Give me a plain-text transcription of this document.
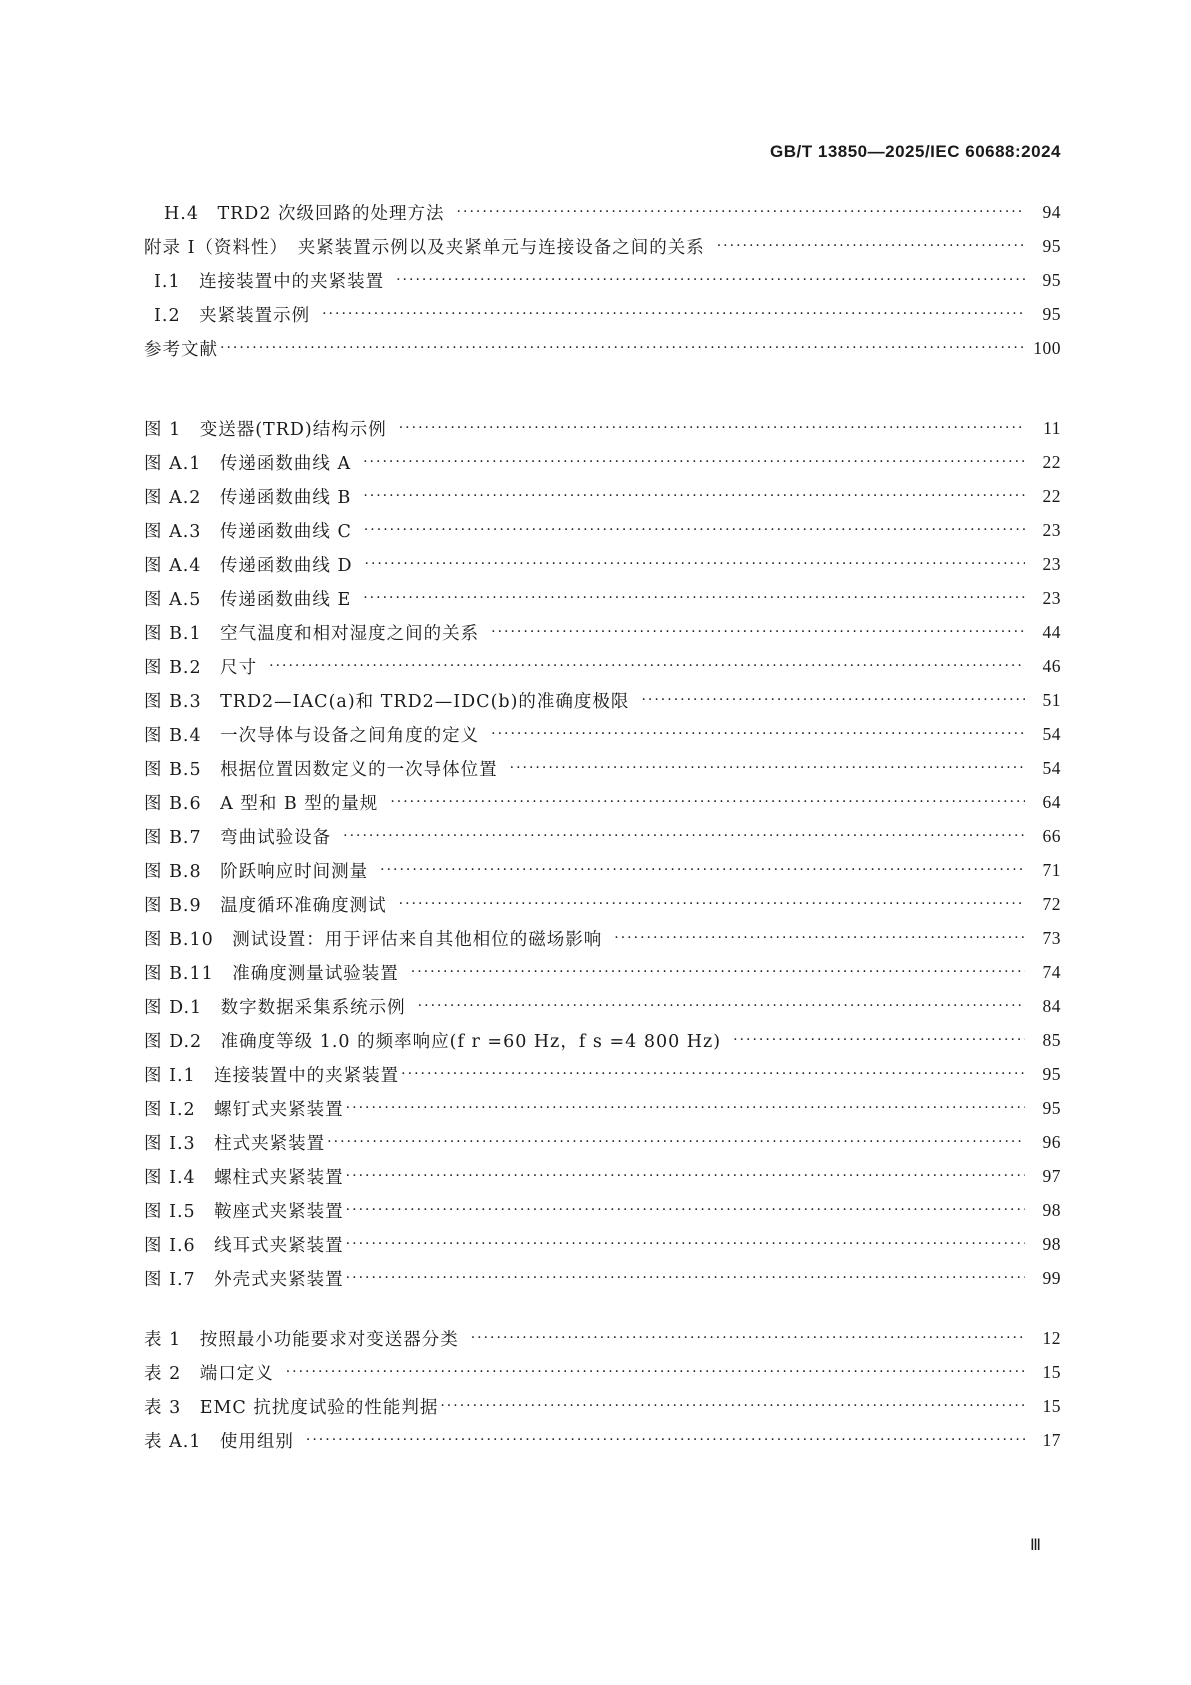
GB/T 13850—2025/IEC 60688:2024
H.4　TRD2 次级回路的处理方法 ·····	94
附录 I（资料性）　夹紧装置示例以及夹紧单元与连接设备之间的关系 ·····	95
I.1　连接装置中的夹紧装置 ·····	95
I.2　夹紧装置示例 ·····	95
参考文献 ·····	100
图 1　变送器(TRD)结构示例 ·····	11
图 A.1　传递函数曲线 A ·····	22
图 A.2　传递函数曲线 B ·····	22
图 A.3　传递函数曲线 C ·····	23
图 A.4　传递函数曲线 D ·····	23
图 A.5　传递函数曲线 E ·····	23
图 B.1　空气温度和相对湿度之间的关系 ·····	44
图 B.2　尺寸 ·····	46
图 B.3　TRD2—IAC(a)和 TRD2—IDC(b)的准确度极限 ·····	51
图 B.4　一次导体与设备之间角度的定义 ·····	54
图 B.5　根据位置因数定义的一次导体位置 ·····	54
图 B.6　A 型和 B 型的量规 ·····	64
图 B.7　弯曲试验设备 ·····	66
图 B.8　阶跃响应时间测量 ·····	71
图 B.9　温度循环准确度测试 ·····	72
图 B.10　测试设置：用于评估来自其他相位的磁场影响 ·····	73
图 B.11　准确度测量试验装置 ·····	74
图 D.1　数字数据采集系统示例 ·····	84
图 D.2　准确度等级 1.0 的频率响应(f r =60 Hz，f s =4 800 Hz) ·····	85
图 I.1　连接装置中的夹紧装置 ·····	95
图 I.2　螺钉式夹紧装置 ·····	95
图 I.3　柱式夹紧装置 ·····	96
图 I.4　螺柱式夹紧装置 ·····	97
图 I.5　鞍座式夹紧装置 ·····	98
图 I.6　线耳式夹紧装置 ·····	98
图 I.7　外壳式夹紧装置 ·····	99
表 1　按照最小功能要求对变送器分类 ·····	12
表 2　端口定义 ·····	15
表 3　EMC 抗扰度试验的性能判据 ·····	15
表 A.1　使用组别 ·····	17
Ⅲ
